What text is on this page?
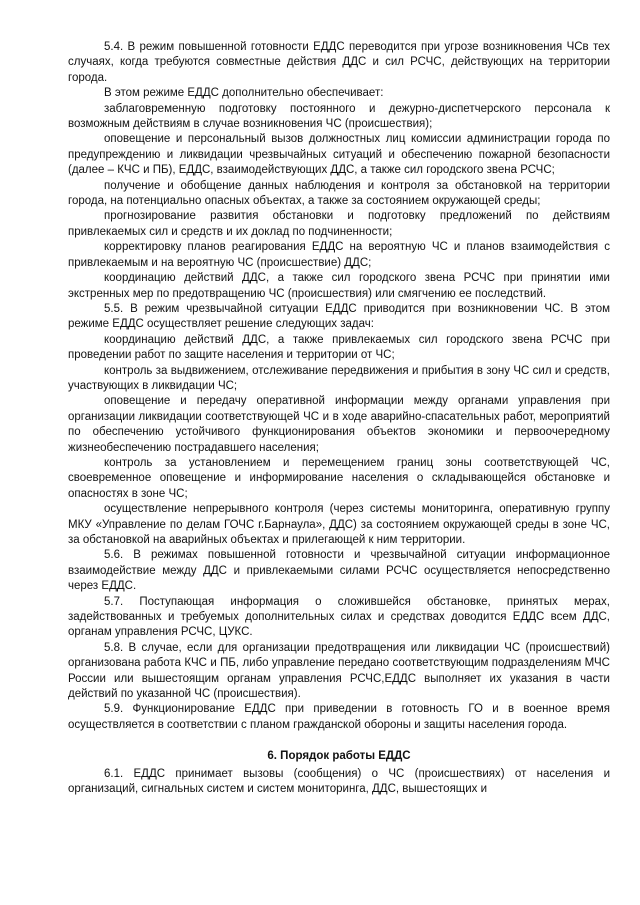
5.4. В режим повышенной готовности ЕДДС переводится при угрозе возникновения ЧСв тех случаях, когда требуются совместные действия ДДС и сил РСЧС, действующих на территории города.

В этом режиме ЕДДС дополнительно обеспечивает:

заблаговременную подготовку постоянного и дежурно-диспетчерского персонала к возможным действиям в случае возникновения ЧС (происшествия);

оповещение и персональный вызов должностных лиц комиссии администрации города по предупреждению и ликвидации чрезвычайных ситуаций и обеспечению пожарной безопасности (далее – КЧС и ПБ), ЕДДС, взаимодействующих ДДС, а также сил городского звена РСЧС;

получение и обобщение данных наблюдения и контроля за обстановкой на территории города, на потенциально опасных объектах, а также за состоянием окружающей среды;

прогнозирование развития обстановки и подготовку предложений по действиям привлекаемых сил и средств и их доклад по подчиненности;

корректировку планов реагирования ЕДДС на вероятную ЧС и планов взаимодействия с привлекаемым и на вероятную ЧС (происшествие) ДДС;

координацию действий ДДС, а также сил городского звена РСЧС при принятии ими экстренных мер по предотвращению ЧС (происшествия) или смягчению ее последствий.

5.5. В режим чрезвычайной ситуации ЕДДС приводится при возникновении ЧС. В этом режиме ЕДДС осуществляет решение следующих задач:

координацию действий ДДС, а также привлекаемых сил городского звена РСЧС при проведении работ по защите населения и территории от ЧС;

контроль за выдвижением, отслеживание передвижения и прибытия в зону ЧС сил и средств, участвующих в ликвидации ЧС;

оповещение и передачу оперативной информации между органами управления при организации ликвидации соответствующей ЧС и в ходе аварийно-спасательных работ, мероприятий по обеспечению устойчивого функционирования объектов экономики и первоочередному жизнеобеспечению пострадавшего населения;

контроль за установлением и перемещением границ зоны соответствующей ЧС, своевременное оповещение и информирование населения о складывающейся обстановке и опасностях в зоне ЧС;

осуществление непрерывного контроля (через системы мониторинга, оперативную группу МКУ «Управление по делам ГОЧС г.Барнаула», ДДС) за состоянием окружающей среды в зоне ЧС, за обстановкой на аварийных объектах и прилегающей к ним территории.

5.6. В режимах повышенной готовности и чрезвычайной ситуации информационное взаимодействие между ДДС и привлекаемыми силами РСЧС осуществляется непосредственно через ЕДДС.

5.7. Поступающая информация о сложившейся обстановке, принятых мерах, задействованных и требуемых дополнительных силах и средствах доводится ЕДДС всем ДДС, органам управления РСЧС, ЦУКС.

5.8. В случае, если для организации предотвращения или ликвидации ЧС (происшествий) организована работа КЧС и ПБ, либо управление передано соответствующим подразделениям МЧС России или вышестоящим органам управления РСЧС,ЕДДС выполняет их указания в части действий по указанной ЧС (происшествия).

5.9. Функционирование ЕДДС при приведении в готовность ГО и в военное время осуществляется в соответствии с планом гражданской обороны и защиты населения города.

6. Порядок работы ЕДДС

6.1. ЕДДС принимает вызовы (сообщения) о ЧС (происшествиях) от населения и организаций, сигнальных систем и систем мониторинга, ДДС, вышестоящих и
